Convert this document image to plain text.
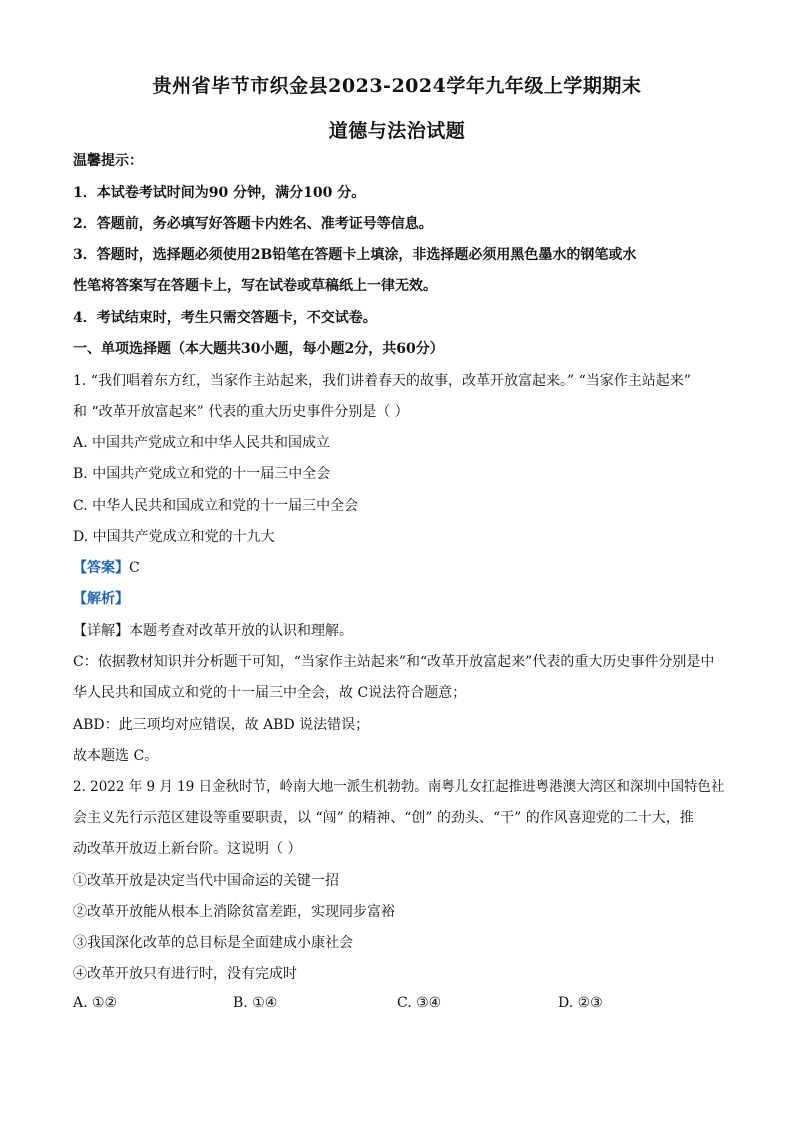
贵州省毕节市织金县2023-2024学年九年级上学期期末
道德与法治试题
温馨提示：
1．本试卷考试时间为90 分钟，满分100 分。
2．答题前，务必填写好答题卡内姓名、准考证号等信息。
3．答题时，选择题必须使用2B铅笔在答题卡上填涂，非选择题必须用黑色墨水的钢笔或水
性笔将答案写在答题卡上，写在试卷或草稿纸上一律无效。
4．考试结束时，考生只需交答题卡，不交试卷。
一、单项选择题（本大题共30小题，每小题2分，共60分）
1. “我们唱着东方红，当家作主站起来，我们讲着春天的故事，改革开放富起来。” “当家作主站起来”
和 “改革开放富起来” 代表的重大历史事件分别是（ ）
A. 中国共产党成立和中华人民共和国成立
B. 中国共产党成立和党的十一届三中全会
C. 中华人民共和国成立和党的十一届三中全会
D. 中国共产党成立和党的十九大
【答案】C
【解析】
【详解】本题考查对改革开放的认识和理解。
C：依据教材知识并分析题干可知，“当家作主站起来”和“改革开放富起来”代表的重大历史事件分别是中
华人民共和国成立和党的十一届三中全会，故 C说法符合题意；
ABD：此三项均对应错误，故 ABD 说法错误；
故本题选 C。
2. 2022 年 9 月 19 日金秋时节，岭南大地一派生机勃勃。南粤儿女扛起推进粤港澳大湾区和深圳中国特色社
会主义先行示范区建设等重要职责，以 “闯” 的精神、“创” 的劲头、“干” 的作风喜迎党的二十大，推
动改革开放迈上新台阶。这说明（ ）
①改革开放是决定当代中国命运的关键一招
②改革开放能从根本上消除贫富差距，实现同步富裕
③我国深化改革的总目标是全面建成小康社会
④改革开放只有进行时，没有完成时
A. ①②	B. ①④	C. ③④	D. ②③
